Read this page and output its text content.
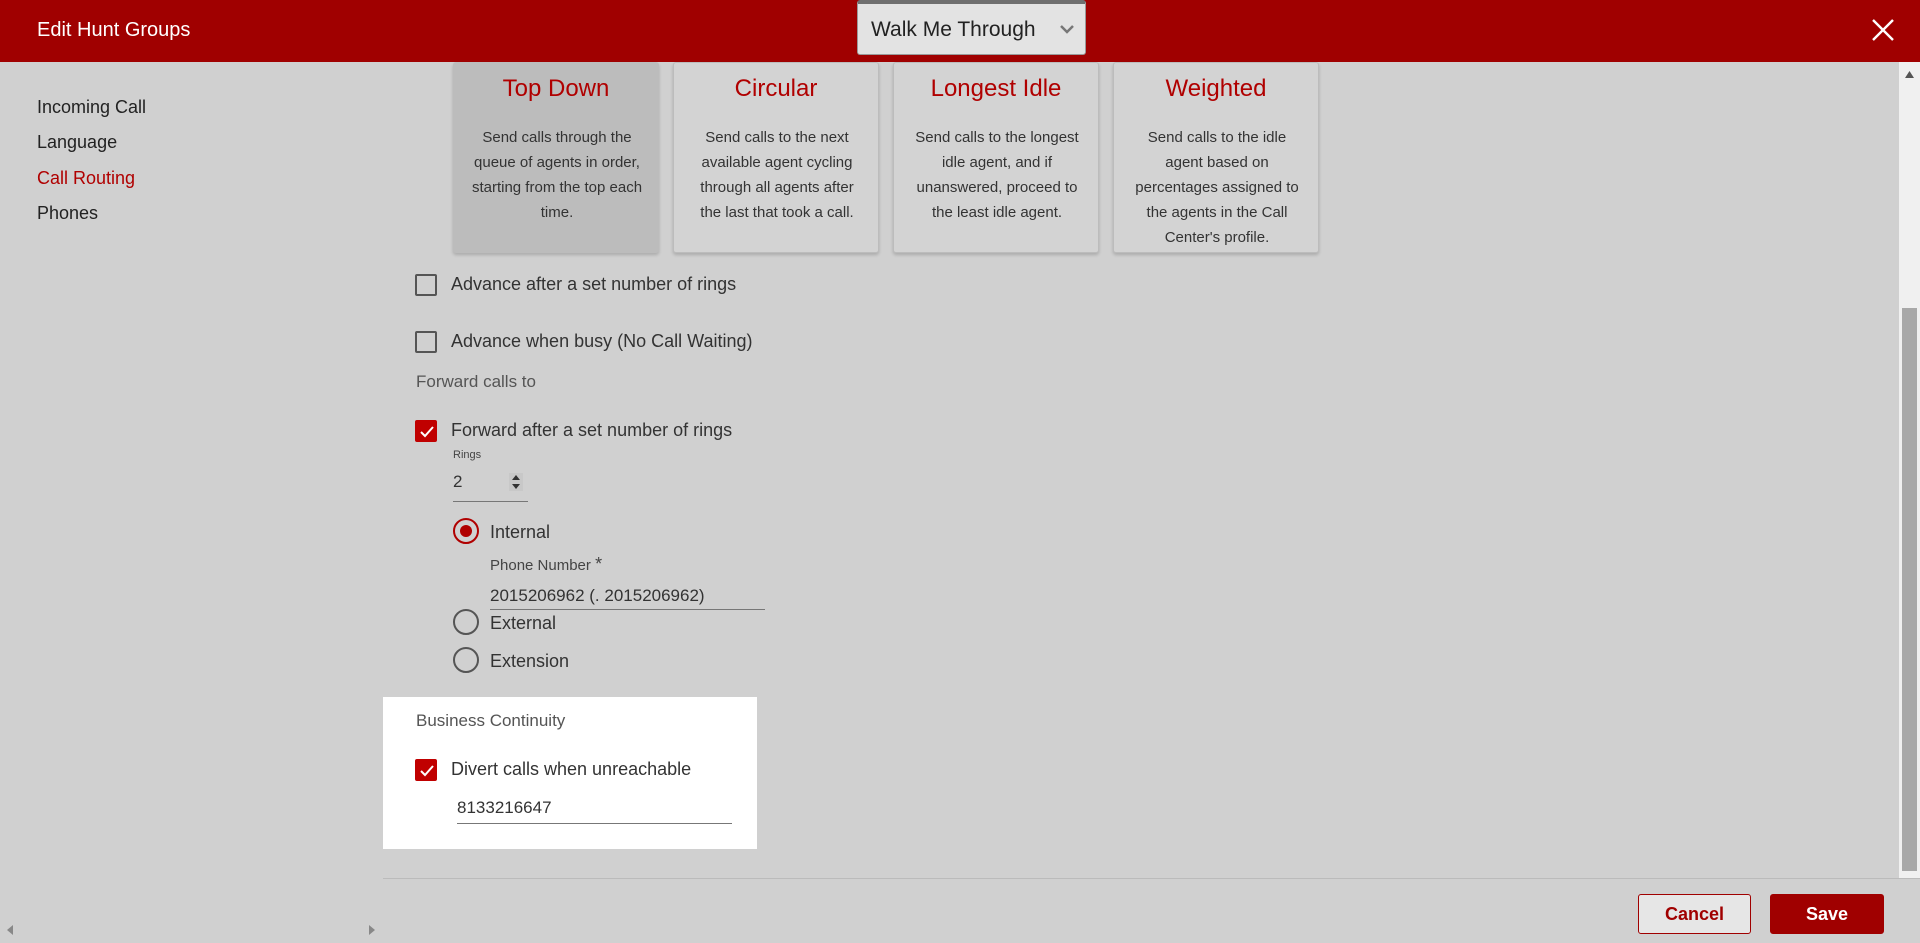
Edit Hunt Groups	Walk Me Through
Incoming Call
Language
Call Routing
Phones
Top Down
Send calls through the queue of agents in order, starting from the top each time.
Circular
Send calls to the next available agent cycling through all agents after the last that took a call.
Longest Idle
Send calls to the longest idle agent, and if unanswered, proceed to the least idle agent.
Weighted
Send calls to the idle agent based on percentages assigned to the agents in the Call Center's profile.
Advance after a set number of rings
Advance when busy (No Call Waiting)
Forward calls to
Forward after a set number of rings
Rings
2
Internal
Phone Number *
2015206962 (. 2015206962)
External
Extension
Business Continuity
Divert calls when unreachable
8133216647
Cancel	Save
